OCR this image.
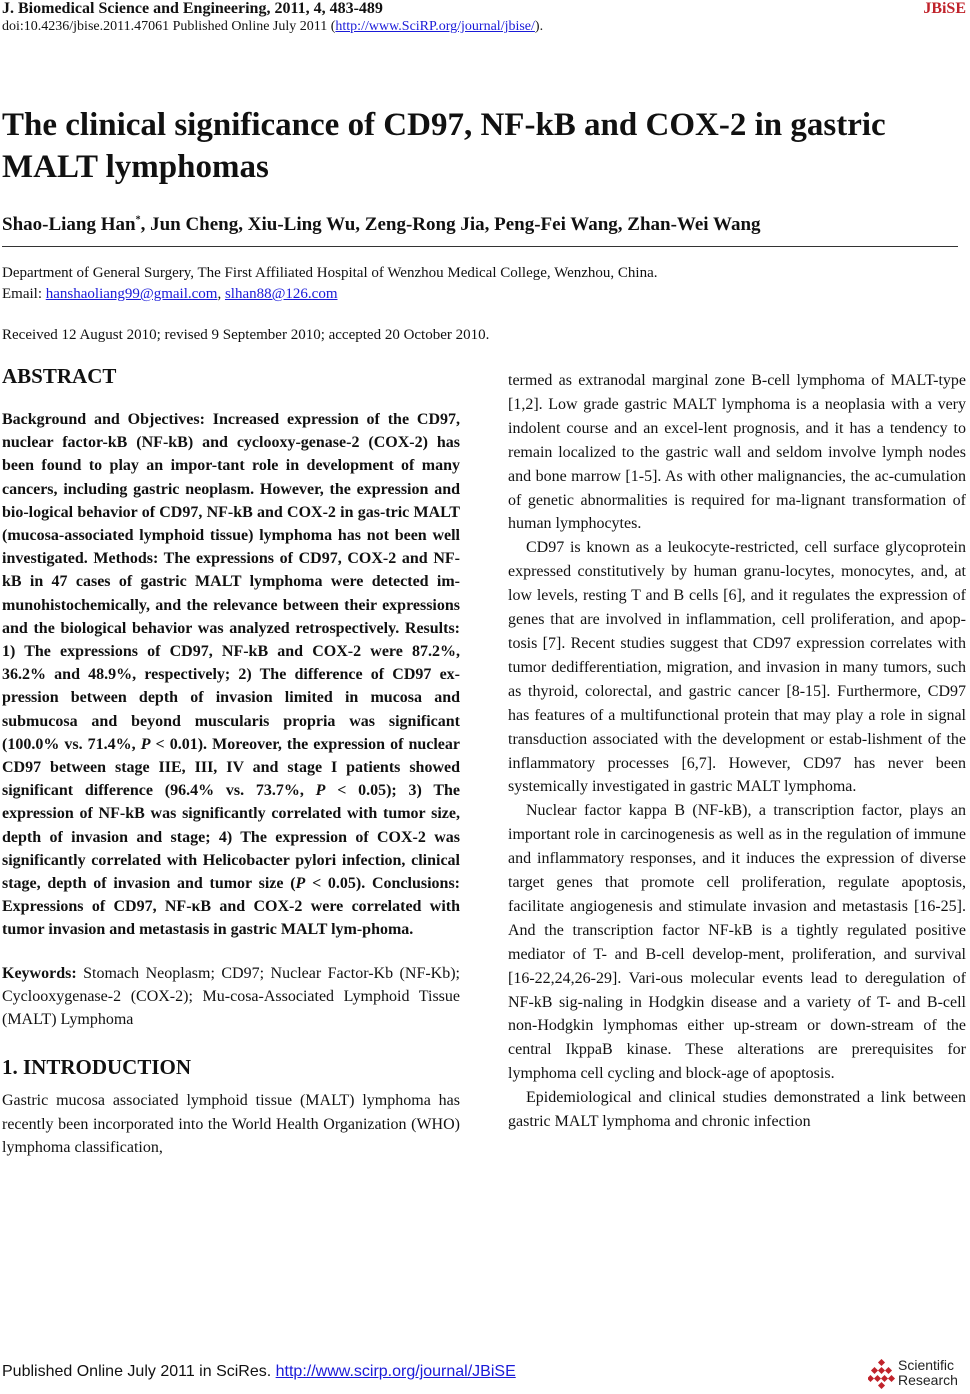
J. Biomedical Science and Engineering, 2011, 4, 483-489	JBiSE
doi:10.4236/jbise.2011.47061 Published Online July 2011 (http://www.SciRP.org/journal/jbise/).
The clinical significance of CD97, NF-kB and COX-2 in gastric MALT lymphomas
Shao-Liang Han*, Jun Cheng, Xiu-Ling Wu, Zeng-Rong Jia, Peng-Fei Wang, Zhan-Wei Wang
Department of General Surgery, The First Affiliated Hospital of Wenzhou Medical College, Wenzhou, China.
Email: hanshaoliang99@gmail.com, slhan88@126.com
Received 12 August 2010; revised 9 September 2010; accepted 20 October 2010.
ABSTRACT

Background and Objectives: Increased expression of the CD97, nuclear factor-kB (NF-kB) and cyclooxy-genase-2 (COX-2) has been found to play an impor-tant role in development of many cancers, including gastric neoplasm. However, the expression and bio-logical behavior of CD97, NF-kB and COX-2 in gas-tric MALT (mucosa-associated lymphoid tissue) lymphoma has not been well investigated. Methods: The expressions of CD97, COX-2 and NF-kB in 47 cases of gastric MALT lymphoma were detected im-munohistochemically, and the relevance between their expressions and the biological behavior was analyzed retrospectively. Results: 1) The expressions of CD97, NF-kB and COX-2 were 87.2%, 36.2% and 48.9%, respectively; 2) The difference of CD97 ex-pression between depth of invasion limited in mucosa and submucosa and beyond muscularis propria was significant (100.0% vs. 71.4%, P < 0.01). Moreover, the expression of nuclear CD97 between stage IIE, III, IV and stage I patients showed significant difference (96.4% vs. 73.7%, P < 0.05); 3) The expression of NF-kB was significantly correlated with tumor size, depth of invasion and stage; 4) The expression of COX-2 was significantly correlated with Helicobacter pylori infection, clinical stage, depth of invasion and tumor size (P < 0.05). Conclusions: Expressions of CD97, NF-κB and COX-2 were correlated with tumor invasion and metastasis in gastric MALT lym-phoma.

Keywords: Stomach Neoplasm; CD97; Nuclear Factor-Kb (NF-Kb); Cyclooxygenase-2 (COX-2); Mu-cosa-Associated Lymphoid Tissue (MALT) Lymphoma

1. INTRODUCTION

Gastric mucosa associated lymphoid tissue (MALT) lymphoma has recently been incorporated into the World Health Organization (WHO) lymphoma classification,

termed as extranodal marginal zone B-cell lymphoma of MALT-type [1,2]. Low grade gastric MALT lymphoma is a neoplasia with a very indolent course and an excel-lent prognosis, and it has a tendency to remain localized to the gastric wall and seldom involve lymph nodes and bone marrow [1-5]. As with other malignancies, the ac-cumulation of genetic abnormalities is required for ma-lignant transformation of human lymphocytes.

CD97 is known as a leukocyte-restricted, cell surface glycoprotein expressed constitutively by human granu-locytes, monocytes, and, at low levels, resting T and B cells [6], and it regulates the expression of genes that are involved in inflammation, cell proliferation, and apop-tosis [7]. Recent studies suggest that CD97 expression correlates with tumor dedifferentiation, migration, and invasion in many tumors, such as thyroid, colorectal, and gastric cancer [8-15]. Furthermore, CD97 has features of a multifunctional protein that may play a role in signal transduction associated with the development or estab-lishment of the inflammatory processes [6,7]. However, CD97 has never been systemically investigated in gastric MALT lymphoma.

Nuclear factor kappa B (NF-kB), a transcription factor, plays an important role in carcinogenesis as well as in the regulation of immune and inflammatory responses, and it induces the expression of diverse target genes that promote cell proliferation, regulate apoptosis, facilitate angiogenesis and stimulate invasion and metastasis [16-25]. And the transcription factor NF-kB is a tightly regulated positive mediator of T- and B-cell develop-ment, proliferation, and survival [16-22,24,26-29]. Vari-ous molecular events lead to deregulation of NF-kB sig-naling in Hodgkin disease and a variety of T- and B-cell non-Hodgkin lymphomas either up-stream or down-stream of the central IkppaB kinase. These alterations are prerequisites for lymphoma cell cycling and block-age of apoptosis.

Epidemiological and clinical studies demonstrated a link between gastric MALT lymphoma and chronic infection

Published Online July 2011 in SciRes. http://www.scirp.org/journal/JBiSE	Scientific
Research
